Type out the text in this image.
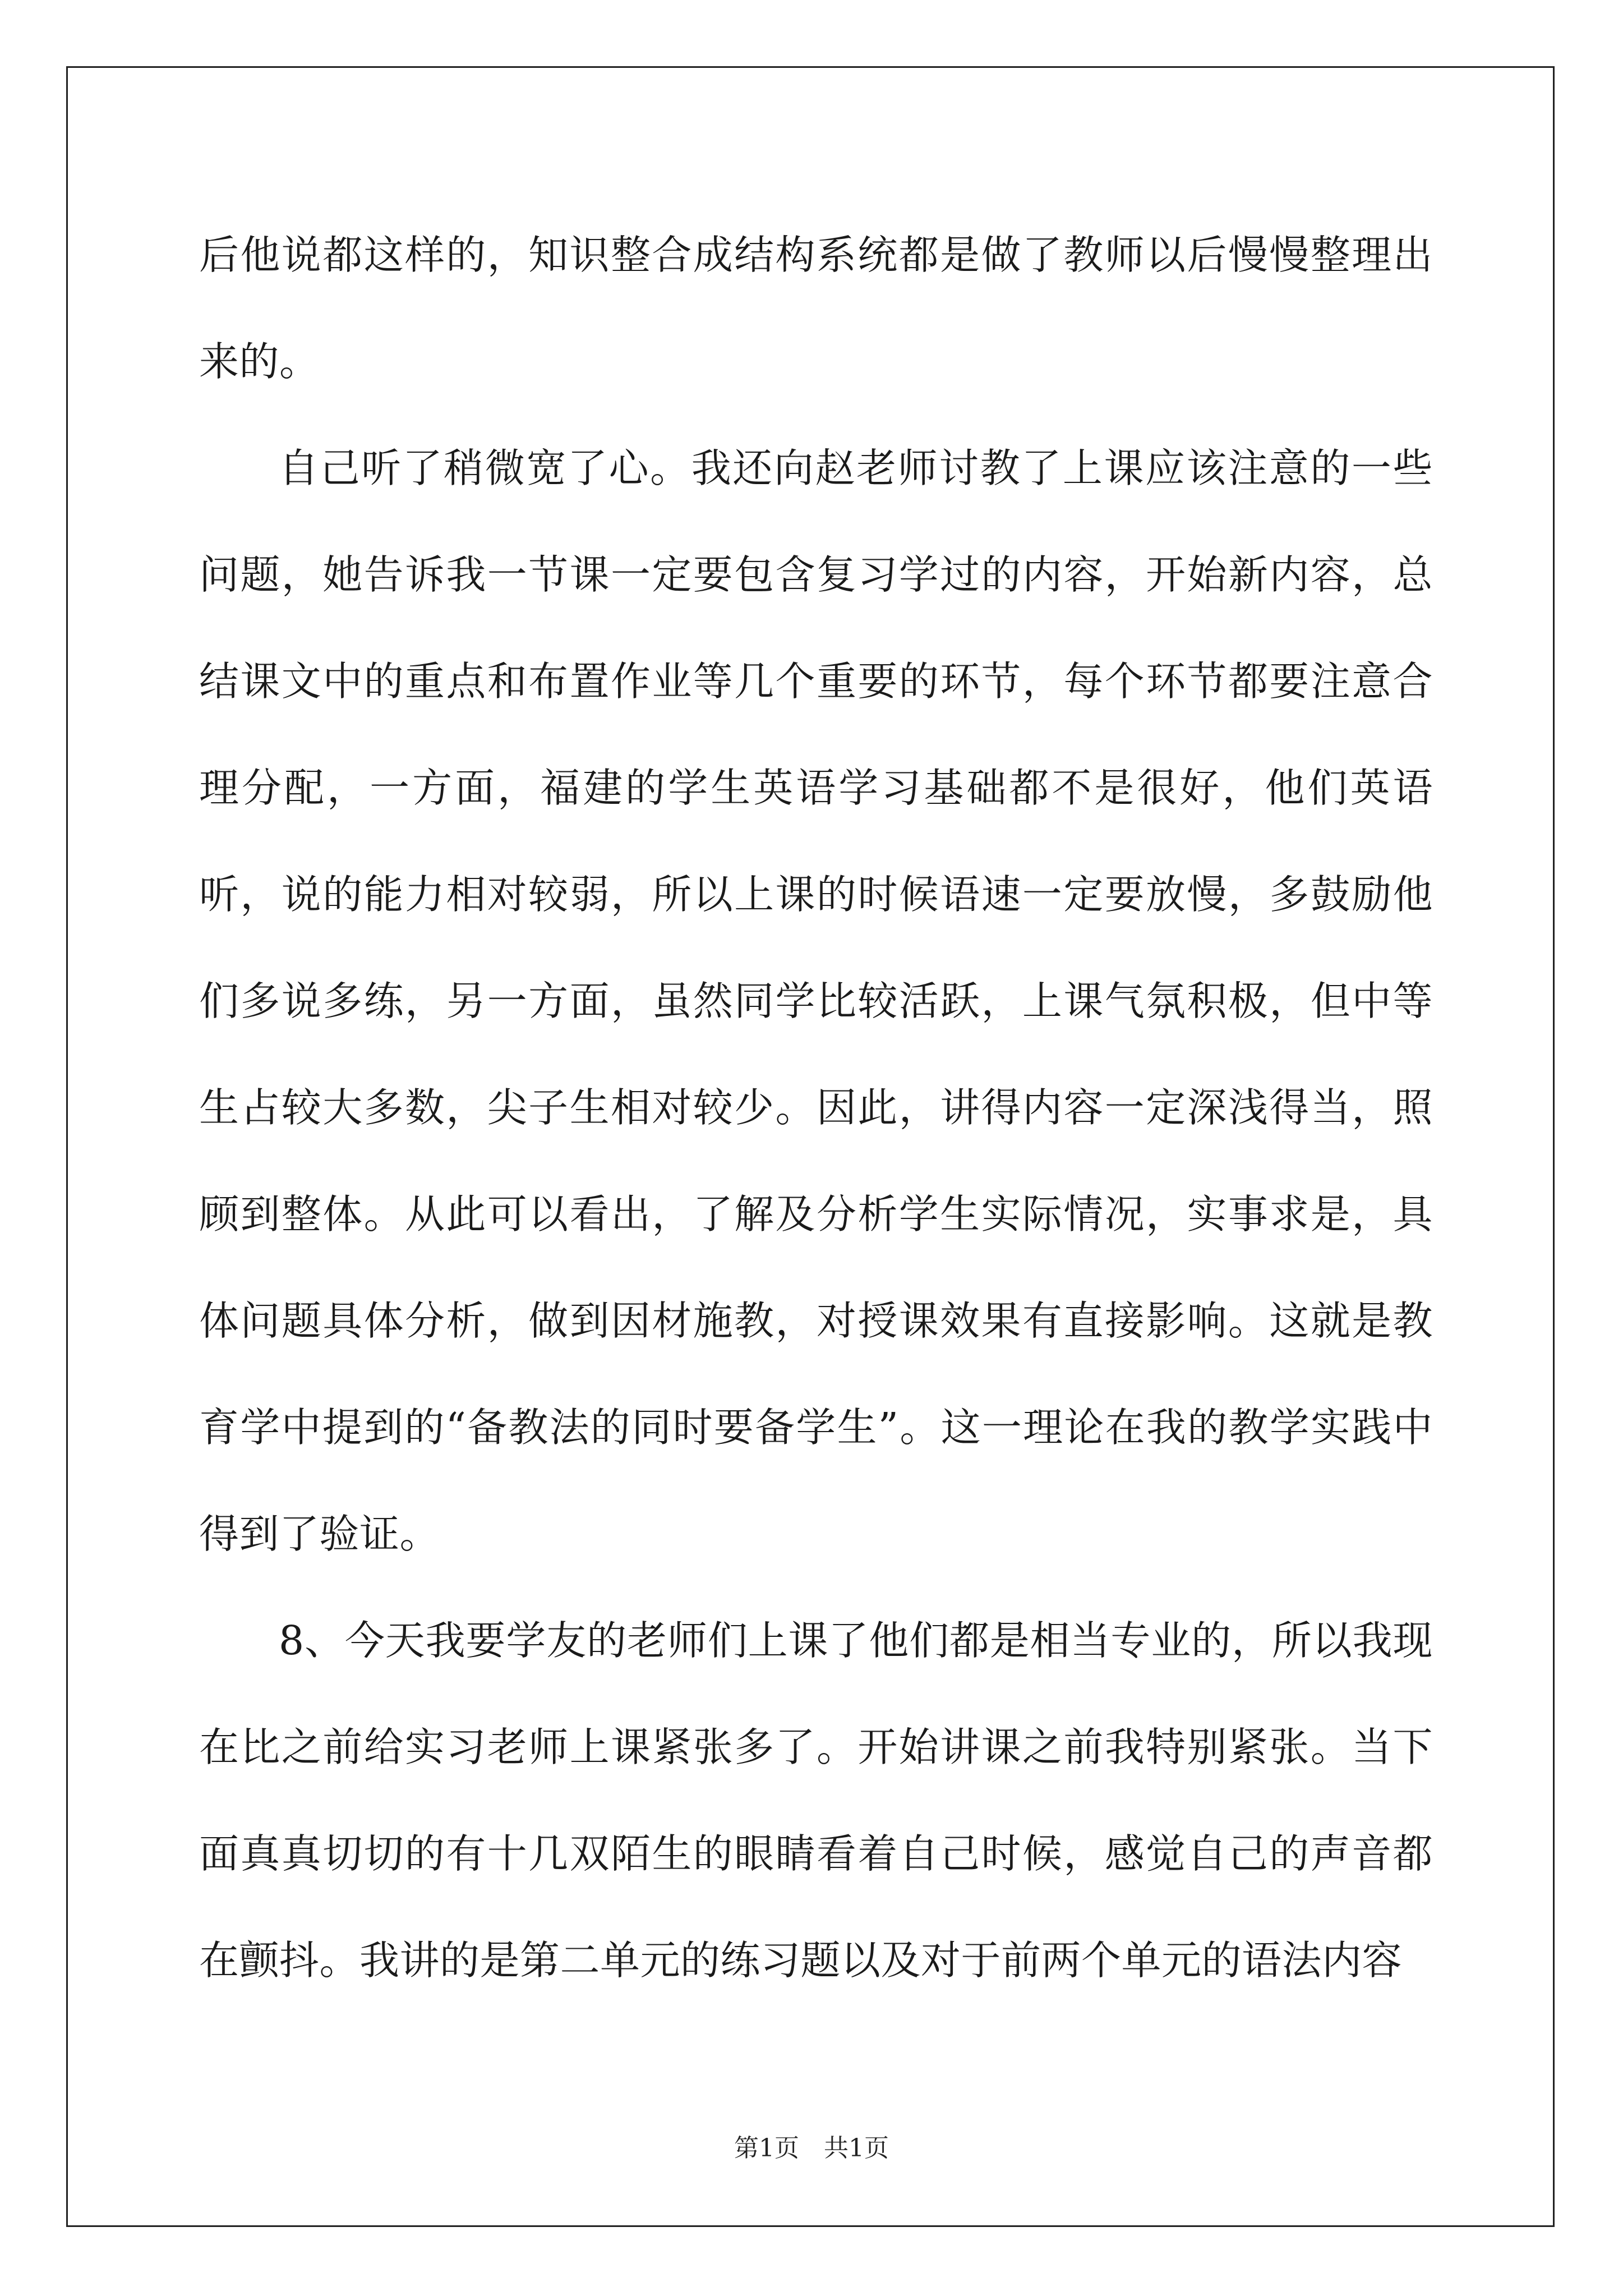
后他说都这样的，知识整合成结构系统都是做了教师以后慢慢整理出来的。

自己听了稍微宽了心。我还向赵老师讨教了上课应该注意的一些问题，她告诉我一节课一定要包含复习学过的内容，开始新内容，总结课文中的重点和布置作业等几个重要的环节，每个环节都要注意合理分配，一方面，福建的学生英语学习基础都不是很好，他们英语听，说的能力相对较弱，所以上课的时候语速一定要放慢，多鼓励他们多说多练，另一方面，虽然同学比较活跃，上课气氛积极，但中等生占较大多数，尖子生相对较少。因此，讲得内容一定深浅得当，照顾到整体。从此可以看出，了解及分析学生实际情况，实事求是，具体问题具体分析，做到因材施教，对授课效果有直接影响。这就是教育学中提到的“备教法的同时要备学生”。这一理论在我的教学实践中得到了验证。

8、今天我要学友的老师们上课了他们都是相当专业的，所以我现在比之前给实习老师上课紧张多了。开始讲课之前我特别紧张。当下面真真切切的有十几双陌生的眼睛看着自己时候，感觉自己的声音都在颤抖。我讲的是第二单元的练习题以及对于前两个单元的语法内容

第1页　共1页
